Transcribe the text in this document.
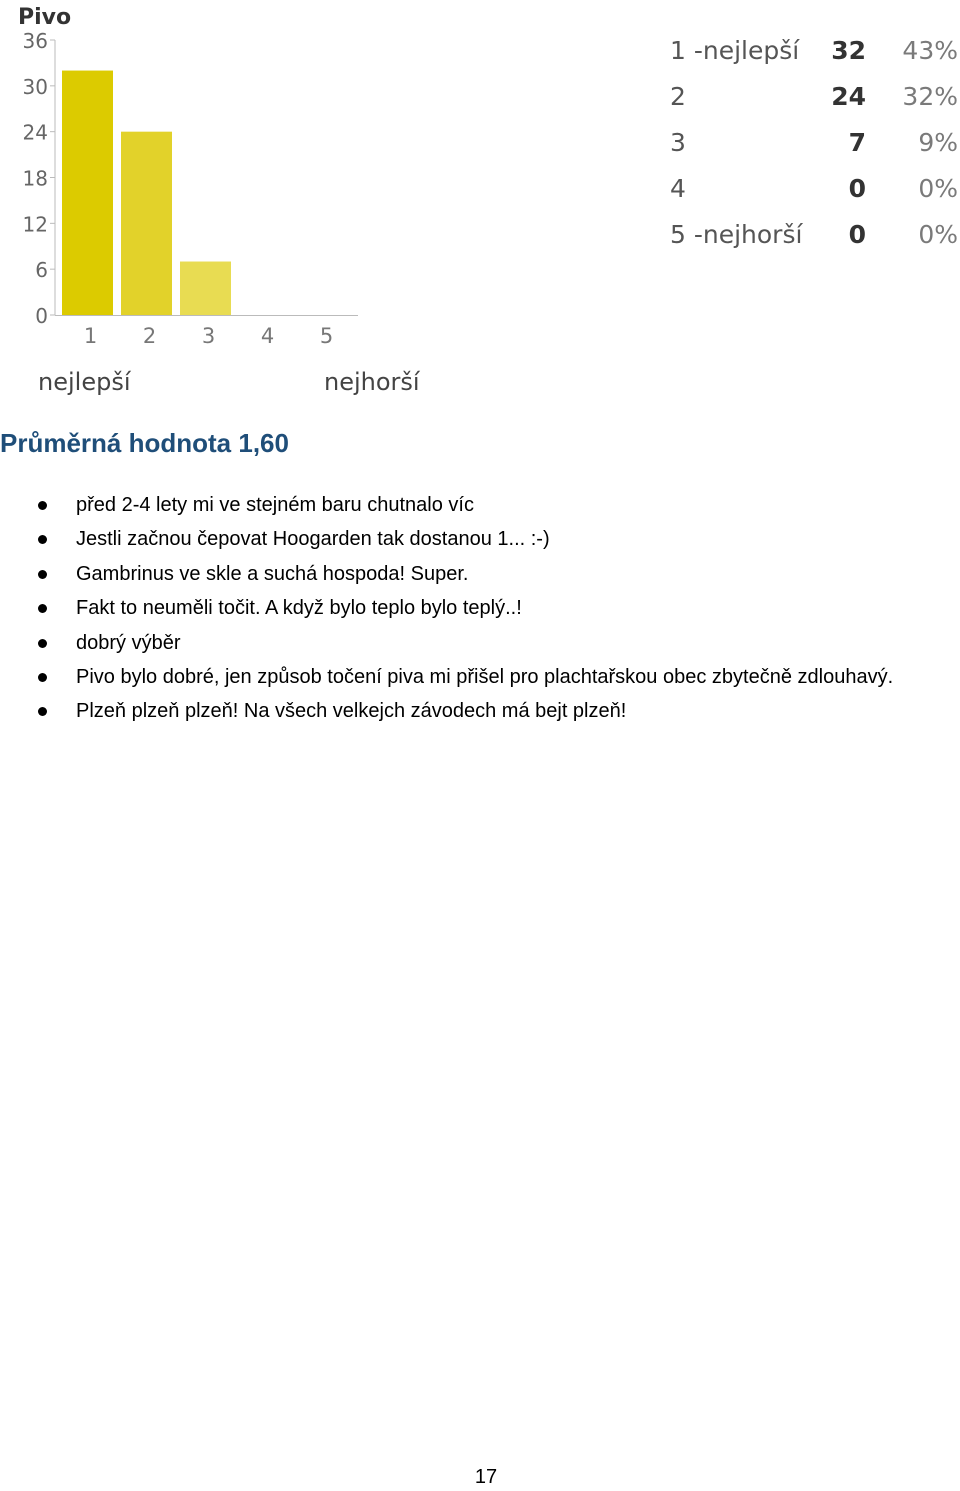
Pivo
0
6
12
18
24
30
36
1 2 3 4 5
nejlepší	nejhorší
1 -nejlepší	32	43%
2	24	32%
3	7	9%
4	0	0%
5 -nejhorší	0	0%
Průměrná hodnota 1,60
před 2-4 lety mi ve stejném baru chutnalo víc
Jestli začnou čepovat Hoogarden tak dostanou 1... :-)
Gambrinus ve skle a suchá hospoda! Super.
Fakt to neuměli točit. A když bylo teplo bylo teplý..!
dobrý výběr
Pivo bylo dobré, jen způsob točení piva mi přišel pro plachtařskou obec zbytečně zdlouhavý.
Plzeň plzeň plzeň! Na všech velkejch závodech má bejt plzeň!
17
